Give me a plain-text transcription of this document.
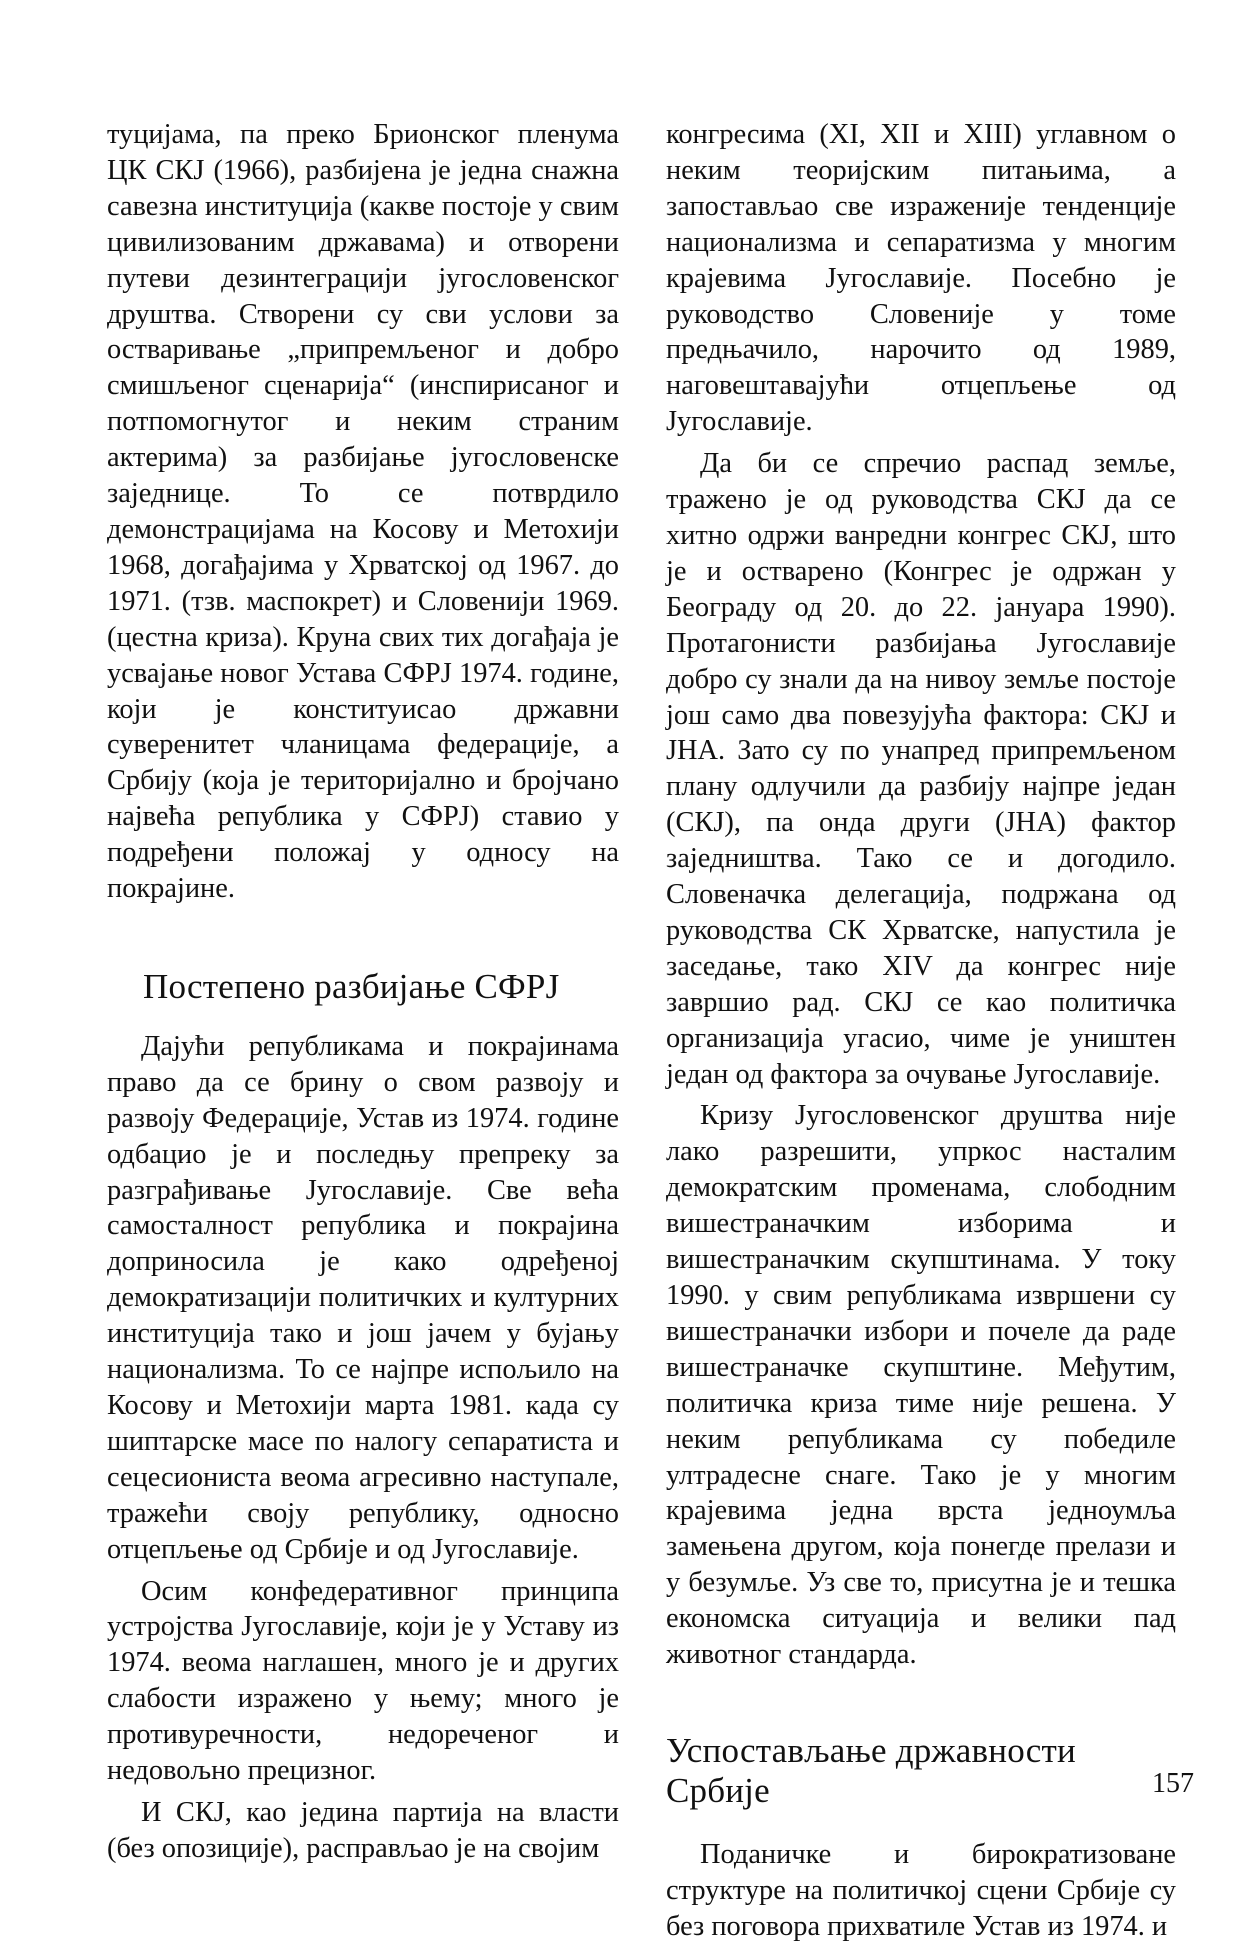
туцијама, па преко Брионског пленума ЦК СКЈ (1966), разбијена је једна снажна савезна институција (какве постоје у свим цивилизованим државама) и отворени путеви дезинтеграцији југословенског друштва. Створени су сви услови за остваривање „припремљеног и добро смишљеног сценарија“ (инспирисаног и потпомогнутог и неким страним актерима) за разбијање југословенске заједнице. То се потврдило демонстрацијама на Косову и Метохији 1968, догађајима у Хрватској од 1967. до 1971. (тзв. маспокрет) и Словенији 1969. (цестна криза). Круна свих тих догађаја је усвајање новог Устава СФРЈ 1974. године, који је конституисао државни суверенитет чланицама федерације, а Србију (која је територијално и бројчано највећа република у СФРЈ) ставио у подређени положај у односу на покрајине.

Постепено разбијање СФРЈ

Дајући републикама и покрајинама право да се брину о свом развоју и развоју Федерације, Устав из 1974. године одбацио је и последњу препреку за разграђивање Југославије. Све већа самосталност република и покрајина доприносила је како одређеној демократизацији политичких и културних институција тако и још јачем у бујању национализма. То се најпре испољило на Косову и Метохији марта 1981. када су шиптарске масе по налогу сепаратиста и сецесиониста веома агресивно наступале, тражећи своју републику, односно отцепљење од Србије и од Југославије.

Осим конфедеративног принципа устројства Југославије, који је у Уставу из 1974. веома наглашен, много је и других слабости изражено у њему; много је противуречности, недореченог и недовољно прецизног.

И СКЈ, као једина партија на власти (без опозиције), расправљао је на својим

конгресима (XI, XII и XIII) углавном о неким теоријским питањима, а запостављао све израженије тенденције национализма и сепаратизма у многим крајевима Југославије. Посебно је руководство Словеније у томе предњачило, нарочито од 1989, наговештавајући отцепљење од Југославије.

Да би се спречио распад земље, тражено је од руководства СКЈ да се хитно одржи ванредни конгрес СКЈ, што је и остварено (Конгрес је одржан у Београду од 20. до 22. јануара 1990). Протагонисти разбијања Југославије добро су знали да на нивоу земље постоје још само два повезујућа фактора: СКЈ и ЈНА. Зато су по унапред припремљеном плану одлучили да разбију најпре један (СКЈ), па онда други (ЈНА) фактор заједништва. Тако се и догодило. Словеначка делегација, подржана од руководства СК Хрватске, напустила је заседање, тако XIV да конгрес није завршио рад. СКЈ се као политичка организација угасио, чиме је уништен један од фактора за очување Југославије.

Кризу Југословенског друштва није лако разрешити, упркос насталим демократским променама, слободним вишестраначким изборима и вишестраначким скупштинама. У току 1990. у свим републикама извршени су вишестраначки избори и почеле да раде вишестраначке скупштине. Међутим, политичка криза тиме није решена. У неким републикама су победиле ултрадесне снаге. Тако је у многим крајевима једна врста једноумља замењена другом, која понегде прелази и у безумље. Уз све то, присутна је и тешка економска ситуација и велики пад животног стандарда.

Успостављање државности Србије

Поданичке и бирократизоване структуре на политичкој сцени Србије су без поговора прихватиле Устав из 1974. и

157
